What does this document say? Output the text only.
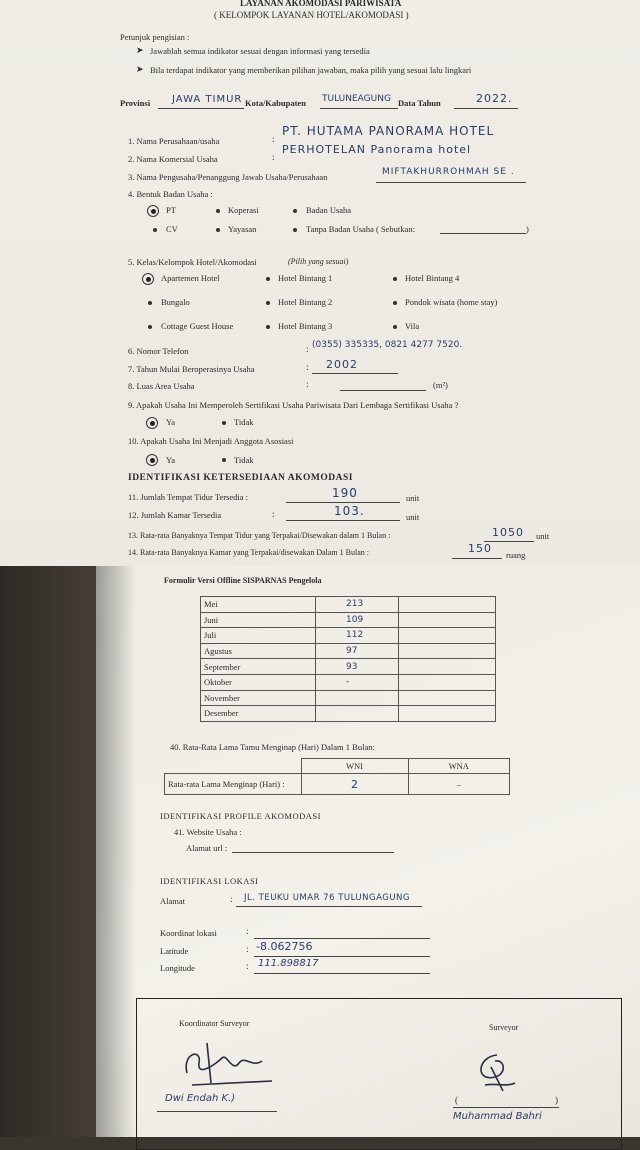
LAYANAN AKOMODASI PARIWISATA
( KELOMPOK LAYANAN HOTEL/AKOMODASI )
Petunjuk pengisian :
➤ Jawablah semua indikator sesuai dengan informasi yang tersedia
➤ Bila terdapat indikator yang memberikan pilihan jawaban, maka pilih yang sesuai lalu lingkari
Provinsi JAWA TIMUR Kota/Kabupaten TULUNEAGUNG Data Tahun	2022.
1. Nama Perusahaan/usaha	:
PT. HUTAMA PANORAMA HOTEL
2. Nama Komersial Usaha	:
PERHOTELAN Panorama hotel
3. Nama Pengusaha/Penanggung Jawab Usaha/Perusahaan	MIFTAKHURROHMAH SE .
4. Bentuk Badan Usaha :
PT	Koperasi	Badan Usaha
CV	Yayasan	Tanpa Badan Usaha ( Sebutkan:	)
5. Kelas/Kelompok Hotel/Akomodasi	(Pilih yang sesuai)
Apartemen Hotel	Hotel Bintang 1	Hotel Bintang 4
Bungalo	Hotel Bintang 2	Pondok wisata (home stay)
Cottage Guest House	Hotel Bintang 3	Vila
6. Nomor Telefon	: (0355) 335335, 0821 4277 7520.
7. Tahun Mulai Beroperasinya Usaha	: 2002
8. Luas Area Usaha	:	(m²)
9. Apakah Usaha Ini Memperoleh Sertifikasi Usaha Pariwisata Dari Lembaga Sertifikasi Usaha ?
Ya	Tidak
10. Apakah Usaha Ini Menjadi Anggota Asosiasi
Ya	Tidak
IDENTIFIKASI KETERSEDIAAN AKOMODASI
11. Jumlah Tempat Tidur Tersedia :	190	unit
12. Jumlah Kamar Tersedia	:	103.	unit
13. Rata-rata Banyaknya Tempat Tidur yang Terpakai/Disewakan dalam 1 Bulan :	1050 unit
14. Rata-rata Banyaknya Kamar yang Terpakai/disewakan Dalam 1 Bulan :	150 ruang
Formulir Versi Offline SISPARNAS Pengelola
Mei	213	
Juni	109	
Juli	112	
Agustus	97	
September	93	
Oktober	-	
November		
Desember		
40. Rata-Rata Lama Tamu Menginap (Hari) Dalam 1 Bulan:
	WNI	WNA
Rata-rata Lama Menginap (Hari) :	2	–
IDENTIFIKASI PROFILE AKOMODASI
41. Website Usaha :
Alamat url :
IDENTIFIKASI LOKASI
Alamat	: JL. TEUKU UMAR 76 TULUNGAGUNG
Koordinat lokasi	:
Latitude	: -8.062756
Longitude	: 111.898817
Koordinator Surveyor	Surveyor
Dwi Endah K.)	(	)
Muhammad Bahri
